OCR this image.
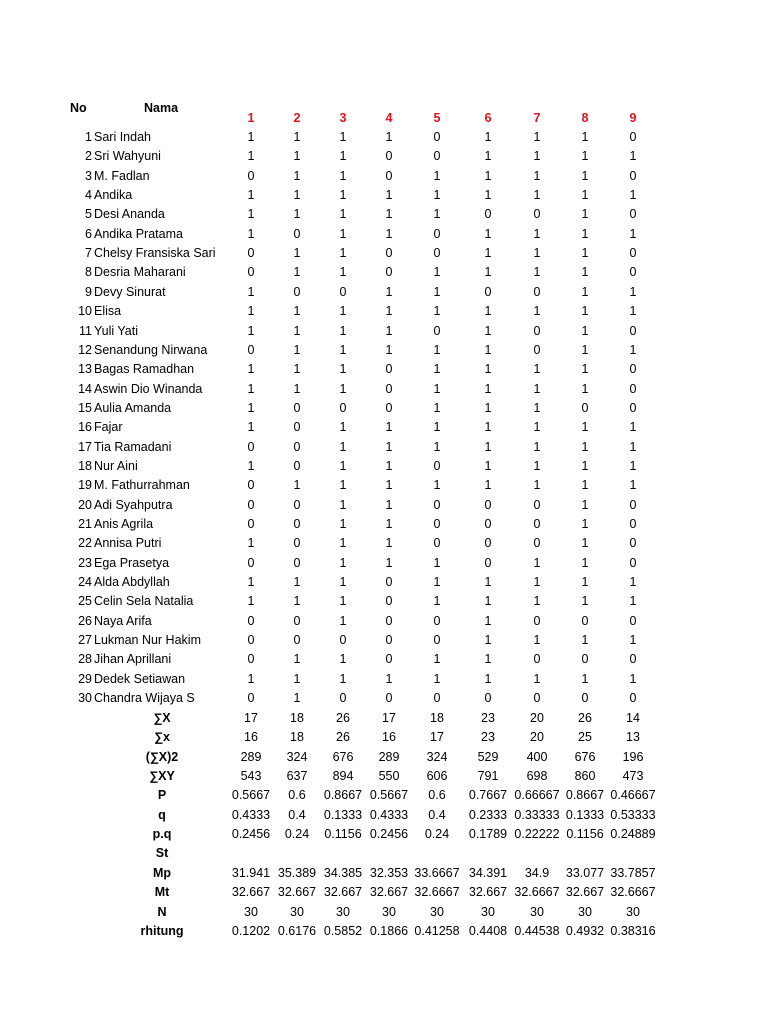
No	Nama
1	2	3	4	5	6	7	8	9
1 Sari Indah	1	1	1	1	0	1	1	1	0
2 Sri Wahyuni	1	1	1	0	0	1	1	1	1
3 M. Fadlan	0	1	1	0	1	1	1	1	0
4 Andika	1	1	1	1	1	1	1	1	1
5 Desi Ananda	1	1	1	1	1	0	0	1	0
6 Andika Pratama	1	0	1	1	0	1	1	1	1
7 Chelsy Fransiska Sari	0	1	1	0	0	1	1	1	0
8 Desria Maharani	0	1	1	0	1	1	1	1	0
9 Devy Sinurat	1	0	0	1	1	0	0	1	1
10 Elisa	1	1	1	1	1	1	1	1	1
11 Yuli Yati	1	1	1	1	0	1	0	1	0
12 Senandung Nirwana	0	1	1	1	1	1	0	1	1
13 Bagas Ramadhan	1	1	1	0	1	1	1	1	0
14 Aswin Dio Winanda	1	1	1	0	1	1	1	1	0
15 Aulia Amanda	1	0	0	0	1	1	1	0	0
16 Fajar	1	0	1	1	1	1	1	1	1
17 Tia Ramadani	0	0	1	1	1	1	1	1	1
18 Nur Aini	1	0	1	1	0	1	1	1	1
19 M. Fathurrahman	0	1	1	1	1	1	1	1	1
20 Adi Syahputra	0	0	1	1	0	0	0	1	0
21 Anis Agrila	0	0	1	1	0	0	0	1	0
22 Annisa Putri	1	0	1	1	0	0	0	1	0
23 Ega Prasetya	0	0	1	1	1	0	1	1	0
24 Alda Abdyllah	1	1	1	0	1	1	1	1	1
25 Celin Sela Natalia	1	1	1	0	1	1	1	1	1
26 Naya Arifa	0	0	1	0	0	1	0	0	0
27 Lukman Nur Hakim	0	0	0	0	0	1	1	1	1
28 Jihan Aprillani	0	1	1	0	1	1	0	0	0
29 Dedek Setiawan	1	1	1	1	1	1	1	1	1
30 Chandra Wijaya S	0	1	0	0	0	0	0	0	0
∑X	17	18	26	17	18	23	20	26	14
∑x	16	18	26	16	17	23	20	25	13
(∑X)2	289	324	676	289	324	529	400	676	196
∑XY	543	637	894	550	606	791	698	860	473
P	0.5667	0.6	0.8667 0.5667	0.6	0.7667 0.66667 0.8667 0.46667
q	0.4333	0.4	0.1333 0.4333	0.4	0.2333 0.33333 0.1333 0.53333
p.q	0.2456	0.24	0.1156 0.2456	0.24	0.1789 0.22222 0.1156 0.24889
St
Mp	31.941 35.389 34.385 32.353 33.6667 34.391	34.9	33.077 33.7857
Mt	32.667 32.667 32.667 32.667 32.6667 32.667 32.6667 32.667 32.6667
N	30	30	30	30	30	30	30	30	30
rhitung	0.1202 0.6176 0.5852 0.1866 0.41258 0.4408 0.44538 0.4932 0.38316
